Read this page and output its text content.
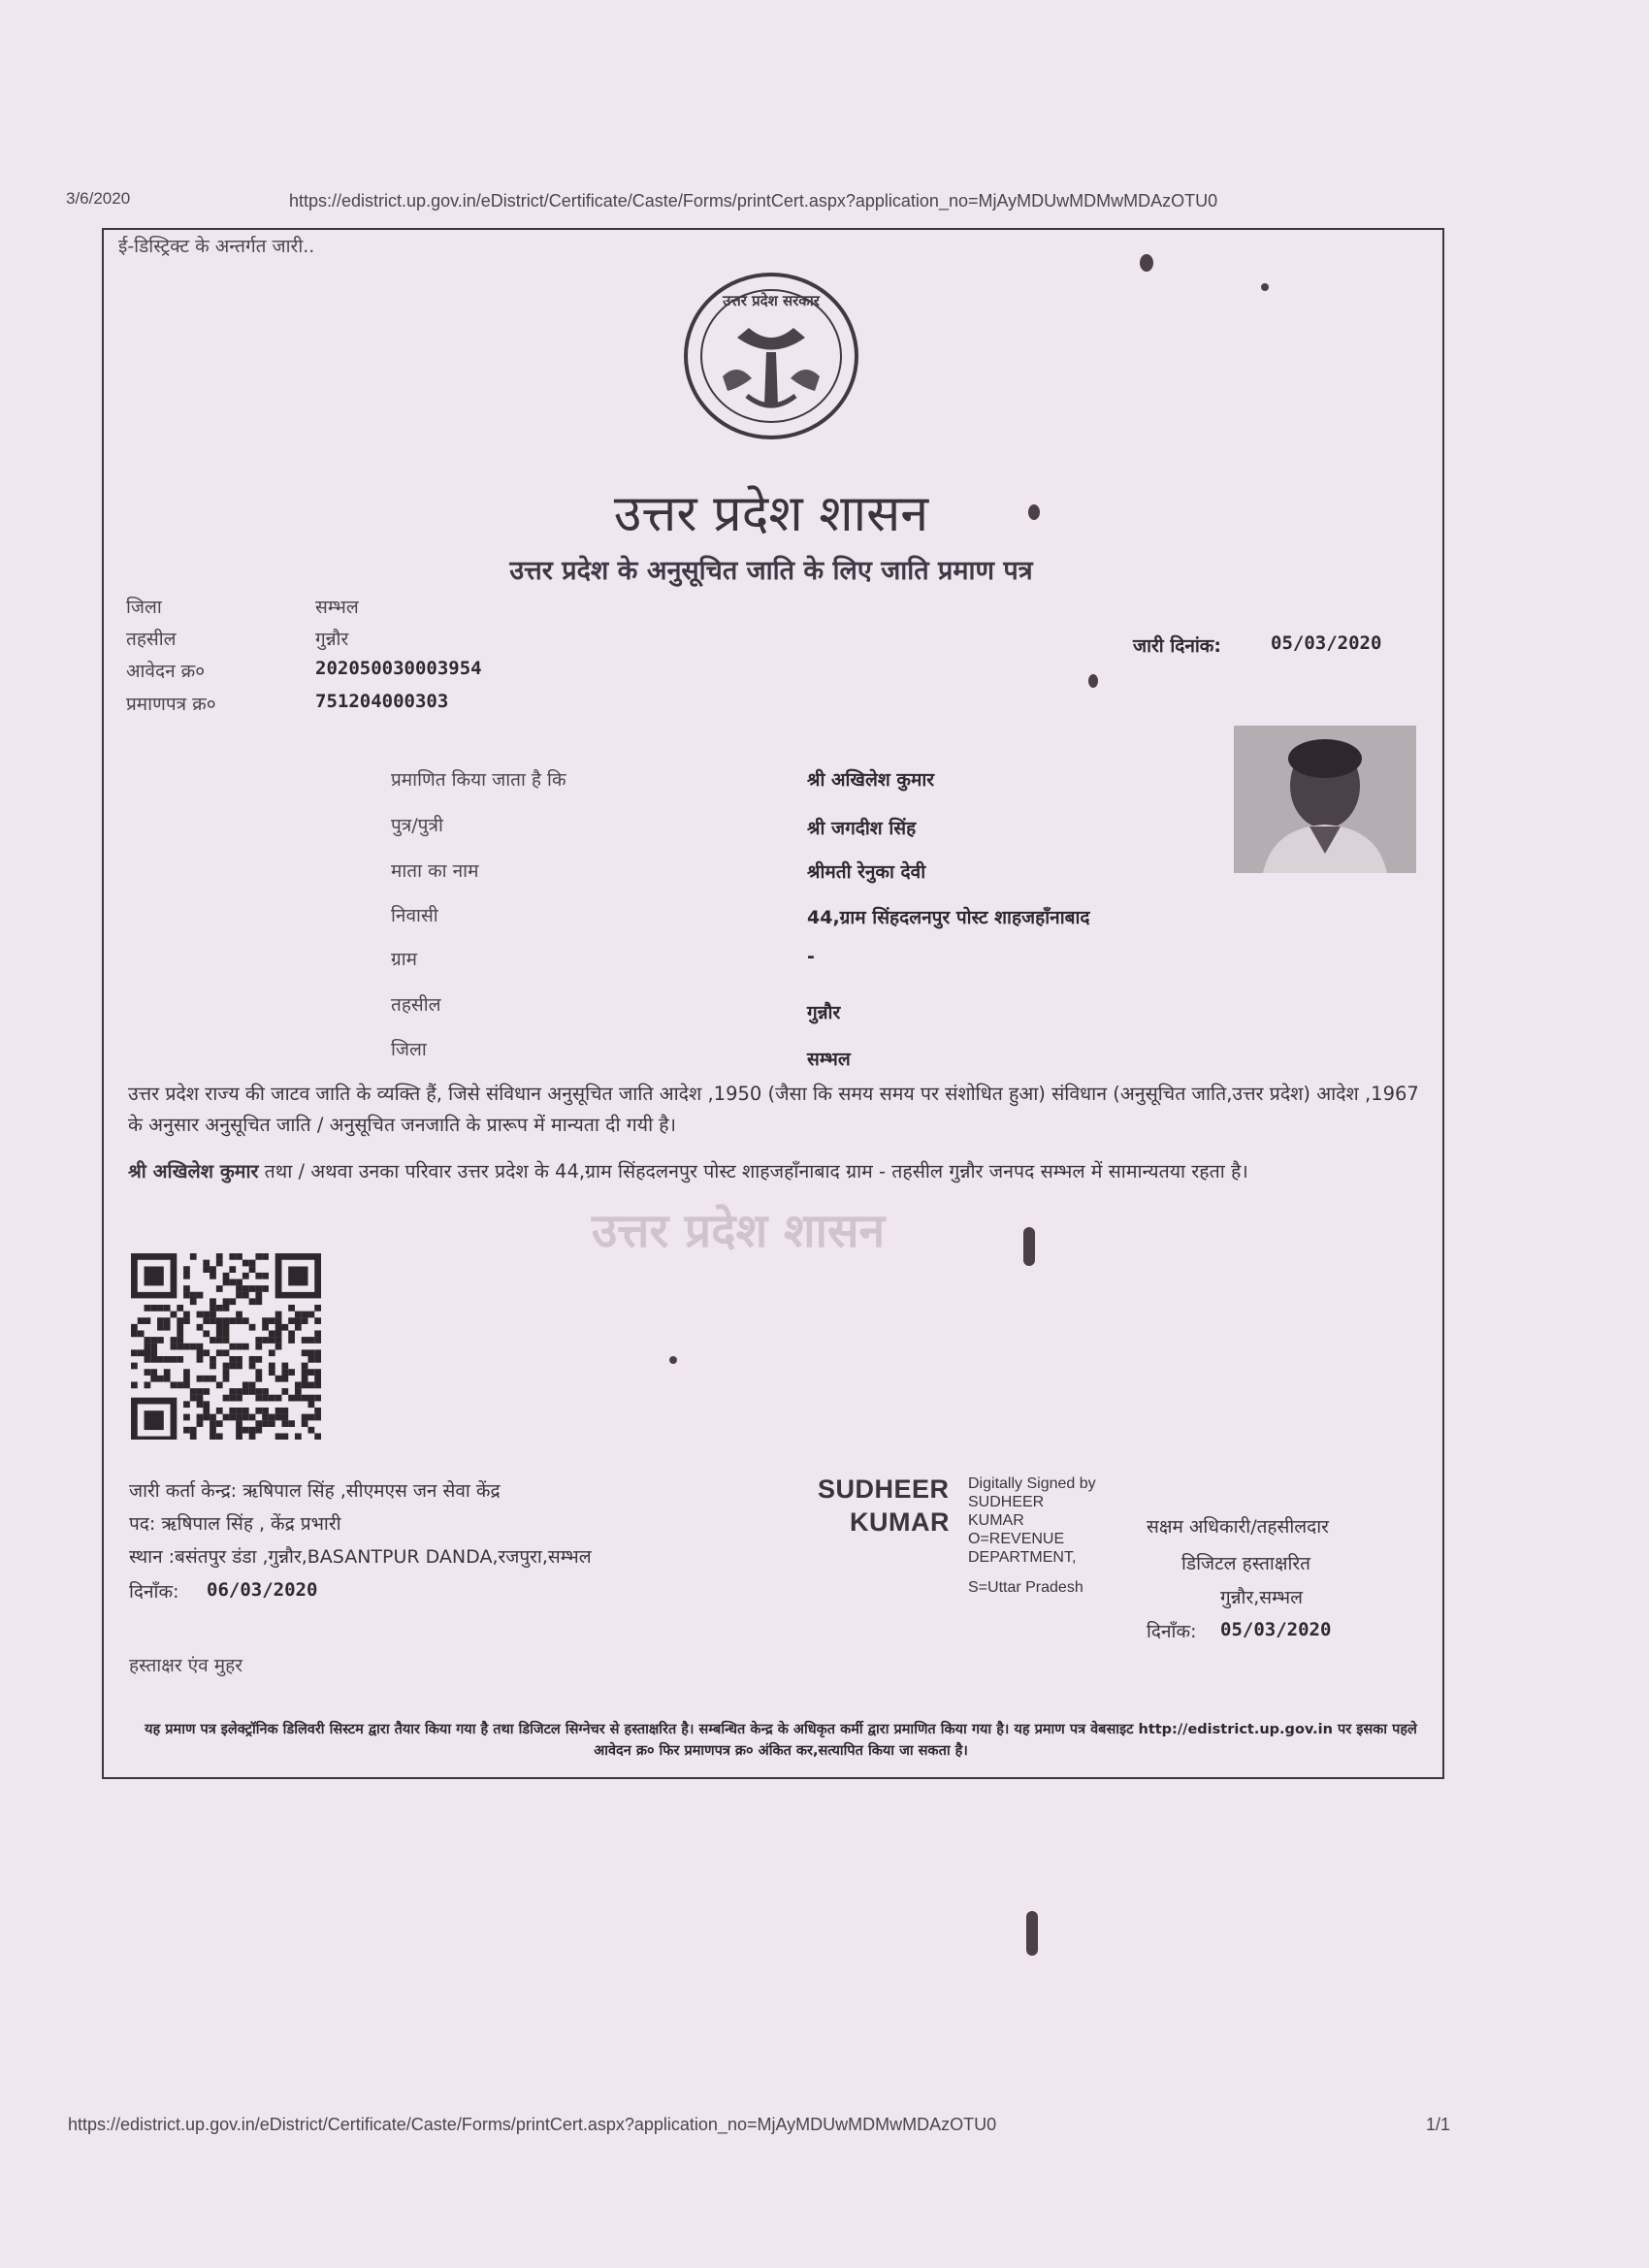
3/6/2020	https://edistrict.up.gov.in/eDistrict/Certificate/Caste/Forms/printCert.aspx?application_no=MjAyMDUwMDMwMDAzOTU0
ई-डिस्ट्रिक्ट के अन्तर्गत जारी..
उत्तर प्रदेश सरकार
उत्तर प्रदेश शासन
उत्तर प्रदेश के अनुसूचित जाति के लिए जाति प्रमाण पत्र
जिला	सम्भल
तहसील	गुन्नौर
आवेदन क्र०	202050030003954
प्रमाणपत्र क्र०	751204000303
जारी दिनांक:	05/03/2020
प्रमाणित किया जाता है कि	श्री अखिलेश कुमार
पुत्र/पुत्री	श्री जगदीश सिंह
माता का नाम	श्रीमती रेनुका देवी
निवासी	44,ग्राम सिंहदलनपुर पोस्ट शाहजहाँनाबाद
ग्राम	-
तहसील	गुन्नौर
जिला	सम्भल
उत्तर प्रदेश राज्य की जाटव जाति के व्यक्ति हैं, जिसे संविधान अनुसूचित जाति आदेश ,1950 (जैसा कि समय समय पर संशोधित हुआ) संविधान (अनुसूचित जाति,उत्तर प्रदेश) आदेश ,1967 के अनुसार अनुसूचित जाति / अनुसूचित जनजाति के प्रारूप में मान्यता दी गयी है।
श्री अखिलेश कुमार तथा / अथवा उनका परिवार उत्तर प्रदेश के 44,ग्राम सिंहदलनपुर पोस्ट शाहजहाँनाबाद ग्राम - तहसील गुन्नौर जनपद सम्भल में सामान्यतया रहता है।
उत्तर प्रदेश शासन
जारी कर्ता केन्द्र: ऋषिपाल सिंह ,सीएमएस जन सेवा केंद्र
पद: ऋषिपाल सिंह , केंद्र प्रभारी
स्थान :बसंतपुर डंडा ,गुन्नौर,BASANTPUR DANDA,रजपुरा,सम्भल
दिनाँक: 06/03/2020
हस्ताक्षर एंव मुहर
SUDHEER
KUMAR
Digitally Signed by
SUDHEER
KUMAR
O=REVENUE
DEPARTMENT,
S=Uttar Pradesh
सक्षम अधिकारी/तहसीलदार
डिजिटल हस्ताक्षरित
गुन्नौर,सम्भल
दिनाँक: 05/03/2020
यह प्रमाण पत्र इलेक्ट्रॉनिक डिलिवरी सिस्टम द्वारा तैयार किया गया है तथा डिजिटल सिग्नेचर से हस्ताक्षरित है। सम्बन्धित केन्द्र के अधिकृत कर्मी द्वारा प्रमाणित किया गया है। यह प्रमाण पत्र वेबसाइट http://edistrict.up.gov.in पर इसका पहले आवेदन क्र० फिर प्रमाणपत्र क्र० अंकित कर,सत्यापित किया जा सकता है।
https://edistrict.up.gov.in/eDistrict/Certificate/Caste/Forms/printCert.aspx?application_no=MjAyMDUwMDMwMDAzOTU0	1/1
